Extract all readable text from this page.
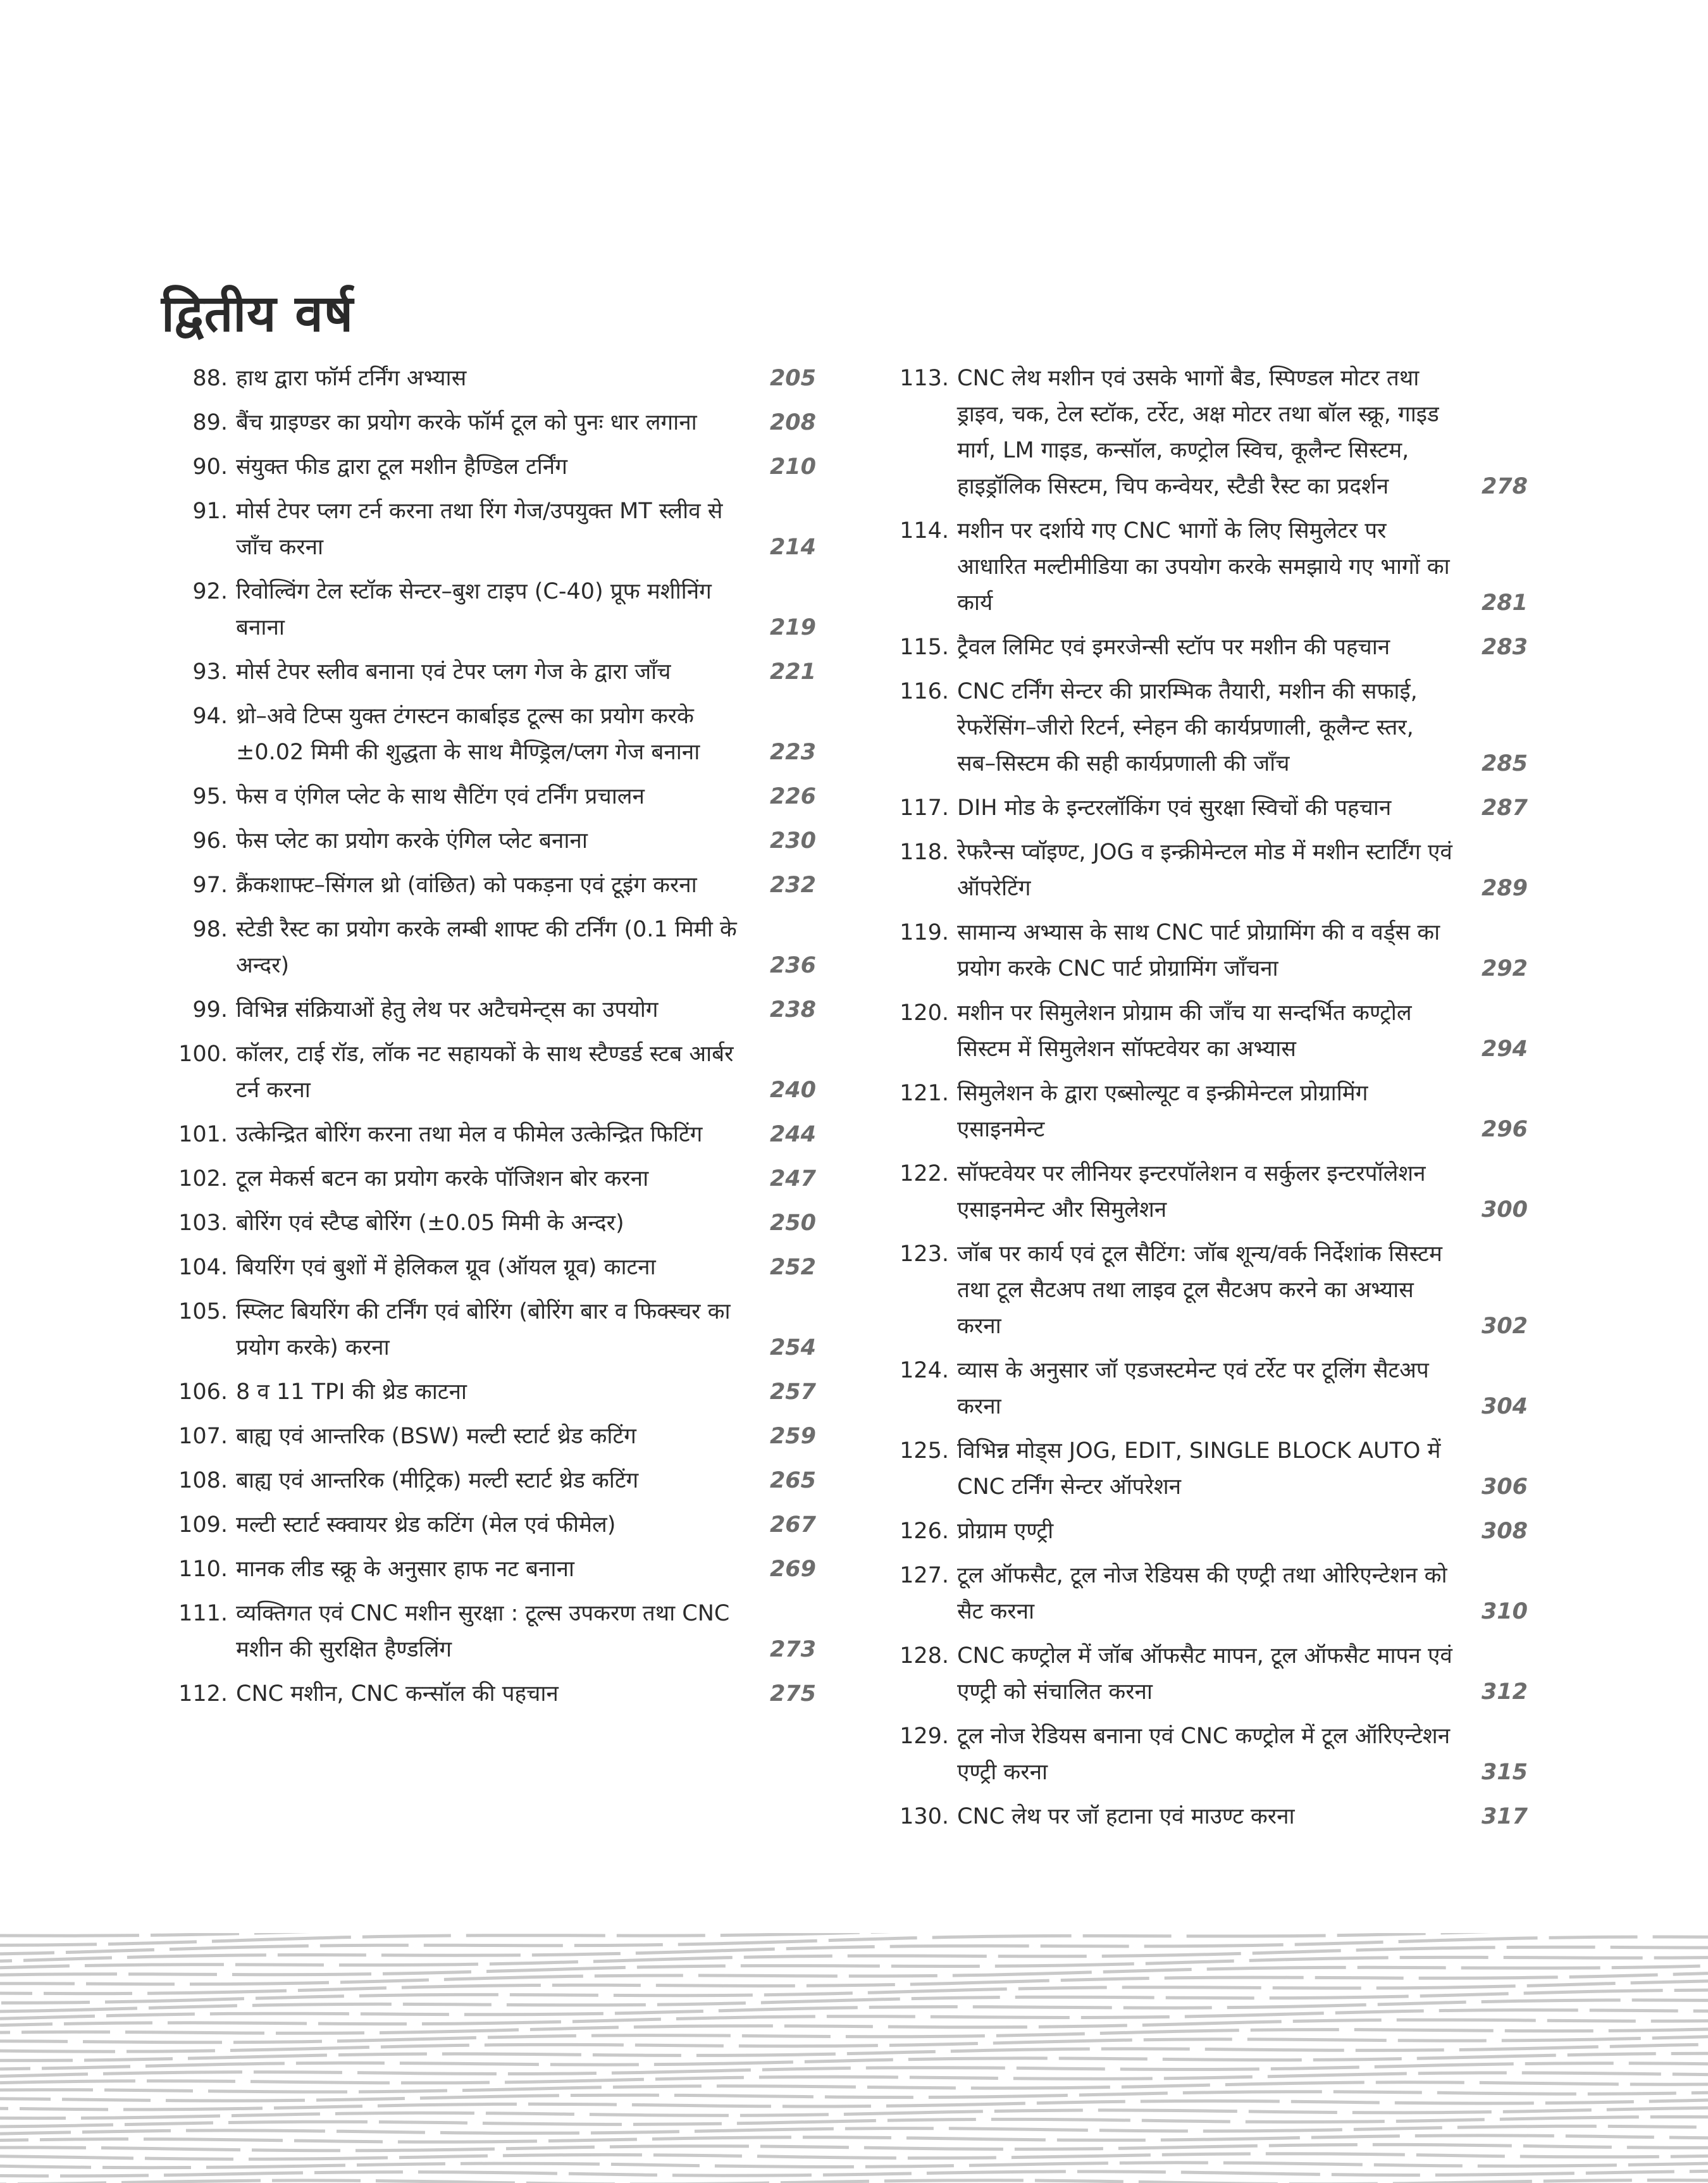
द्वितीय वर्ष
88. हाथ द्वारा फॉर्म टर्निंग अभ्यास	205
89. बैंच ग्राइण्डर का प्रयोग करके फॉर्म टूल को पुनः धार लगाना	208
90. संयुक्त फीड द्वारा टूल मशीन हैण्डिल टर्निंग	210
91. मोर्स टेपर प्लग टर्न करना तथा रिंग गेज/उपयुक्त MT स्लीव से जाँच करना	214
92. रिवोल्विंग टेल स्टॉक सेन्टर–बुश टाइप (C-40) प्रूफ मशीनिंग बनाना	219
93. मोर्स टेपर स्लीव बनाना एवं टेपर प्लग गेज के द्वारा जाँच	221
94. थ्रो–अवे टिप्स युक्त टंगस्टन कार्बाइड टूल्स का प्रयोग करके ±0.02 मिमी की शुद्धता के साथ मैण्ड्रिल/प्लग गेज बनाना	223
95. फेस व एंगिल प्लेट के साथ सैटिंग एवं टर्निंग प्रचालन	226
96. फेस प्लेट का प्रयोग करके एंगिल प्लेट बनाना	230
97. क्रैंकशाफ्ट–सिंगल थ्रो (वांछित) को पकड़ना एवं टूइंग करना	232
98. स्टेडी रैस्ट का प्रयोग करके लम्बी शाफ्ट की टर्निंग (0.1 मिमी के अन्दर)	236
99. विभिन्न संक्रियाओं हेतु लेथ पर अटैचमेन्ट्स का उपयोग	238
100. कॉलर, टाई रॉड, लॉक नट सहायकों के साथ स्टैण्डर्ड स्टब आर्बर टर्न करना	240
101. उत्केन्द्रित बोरिंग करना तथा मेल व फीमेल उत्केन्द्रित फिटिंग	244
102. टूल मेकर्स बटन का प्रयोग करके पॉजिशन बोर करना	247
103. बोरिंग एवं स्टैप्ड बोरिंग (±0.05 मिमी के अन्दर)	250
104. बियरिंग एवं बुशों में हेलिकल ग्रूव (ऑयल ग्रूव) काटना	252
105. स्प्लिट बियरिंग की टर्निंग एवं बोरिंग (बोरिंग बार व फिक्स्चर का प्रयोग करके) करना	254
106. 8 व 11 TPI की थ्रेड काटना	257
107. बाह्य एवं आन्तरिक (BSW) मल्टी स्टार्ट थ्रेड कटिंग	259
108. बाह्य एवं आन्तरिक (मीट्रिक) मल्टी स्टार्ट थ्रेड कटिंग	265
109. मल्टी स्टार्ट स्क्वायर थ्रेड कटिंग (मेल एवं फीमेल)	267
110. मानक लीड स्क्रू के अनुसार हाफ नट बनाना	269
111. व्यक्तिगत एवं CNC मशीन सुरक्षा : टूल्स उपकरण तथा CNC मशीन की सुरक्षित हैण्डलिंग	273
112. CNC मशीन, CNC कन्सॉल की पहचान	275
113. CNC लेथ मशीन एवं उसके भागों बैड, स्पिण्डल मोटर तथा ड्राइव, चक, टेल स्टॉक, टर्रेट, अक्ष मोटर तथा बॉल स्क्रू, गाइड मार्ग, LM गाइड, कन्सॉल, कण्ट्रोल स्विच, कूलैन्ट सिस्टम, हाइड्रॉलिक सिस्टम, चिप कन्वेयर, स्टैडी रैस्ट का प्रदर्शन	278
114. मशीन पर दर्शाये गए CNC भागों के लिए सिमुलेटर पर आधारित मल्टीमीडिया का उपयोग करके समझाये गए भागों का कार्य	281
115. ट्रैवल लिमिट एवं इमरजेन्सी स्टॉप पर मशीन की पहचान	283
116. CNC टर्निंग सेन्टर की प्रारम्भिक तैयारी, मशीन की सफाई, रेफरेंसिंग–जीरो रिटर्न, स्नेहन की कार्यप्रणाली, कूलैन्ट स्तर, सब–सिस्टम की सही कार्यप्रणाली की जाँच	285
117. DIH मोड के इन्टरलॉकिंग एवं सुरक्षा स्विचों की पहचान	287
118. रेफरैन्स प्वॉइण्ट, JOG व इन्क्रीमेन्टल मोड में मशीन स्टार्टिंग एवं ऑपरेटिंग	289
119. सामान्य अभ्यास के साथ CNC पार्ट प्रोग्रामिंग की व वर्ड्स का प्रयोग करके CNC पार्ट प्रोग्रामिंग जाँचना	292
120. मशीन पर सिमुलेशन प्रोग्राम की जाँच या सन्दर्भित कण्ट्रोल सिस्टम में सिमुलेशन सॉफ्टवेयर का अभ्यास	294
121. सिमुलेशन के द्वारा एब्सोल्यूट व इन्क्रीमेन्टल प्रोग्रामिंग एसाइनमेन्ट	296
122. सॉफ्टवेयर पर लीनियर इन्टरपॉलेशन व सर्कुलर इन्टरपॉलेशन एसाइनमेन्ट और सिमुलेशन	300
123. जॉब पर कार्य एवं टूल सैटिंग: जॉब शून्य/वर्क निर्देशांक सिस्टम तथा टूल सैटअप तथा लाइव टूल सैटअप करने का अभ्यास करना	302
124. व्यास के अनुसार जॉ एडजस्टमेन्ट एवं टर्रेट पर टूलिंग सैटअप करना	304
125. विभिन्न मोड्स JOG, EDIT, SINGLE BLOCK AUTO में CNC टर्निंग सेन्टर ऑपरेशन	306
126. प्रोग्राम एण्ट्री	308
127. टूल ऑफसैट, टूल नोज रेडियस की एण्ट्री तथा ओरिएन्टेशन को सैट करना	310
128. CNC कण्ट्रोल में जॉब ऑफसैट मापन, टूल ऑफसैट मापन एवं एण्ट्री को संचालित करना	312
129. टूल नोज रेडियस बनाना एवं CNC कण्ट्रोल में टूल ऑरिएन्टेशन एण्ट्री करना	315
130. CNC लेथ पर जॉ हटाना एवं माउण्ट करना	317
